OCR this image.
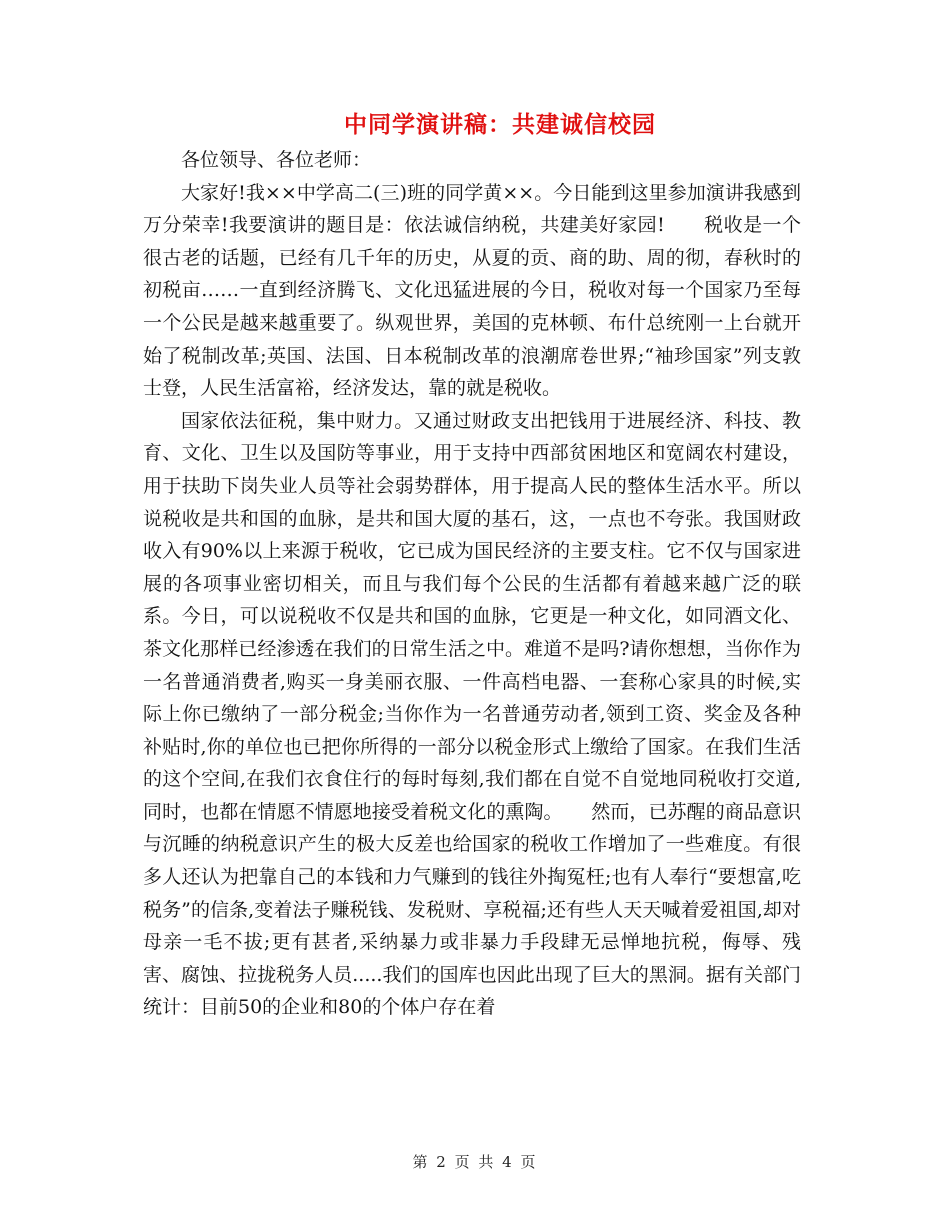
中同学演讲稿：共建诚信校园

各位领导、各位老师：

大家好!我××中学高二(三)班的同学黄××。今日能到这里参加演讲我感到万分荣幸!我要演讲的题目是：依法诚信纳税，共建美好家园!　　税收是一个很古老的话题，已经有几千年的历史，从夏的贡、商的助、周的彻，春秋时的初税亩……一直到经济腾飞、文化迅猛进展的今日，税收对每一个国家乃至每一个公民是越来越重要了。纵观世界，美国的克林顿、布什总统刚一上台就开始了税制改革;英国、法国、日本税制改革的浪潮席卷世界;“袖珍国家”列支敦士登，人民生活富裕，经济发达，靠的就是税收。

国家依法征税，集中财力。又通过财政支出把钱用于进展经济、科技、教育、文化、卫生以及国防等事业，用于支持中西部贫困地区和宽阔农村建设，用于扶助下岗失业人员等社会弱势群体，用于提高人民的整体生活水平。所以说税收是共和国的血脉，是共和国大厦的基石，这，一点也不夸张。我国财政收入有90%以上来源于税收，它已成为国民经济的主要支柱。它不仅与国家进展的各项事业密切相关，而且与我们每个公民的生活都有着越来越广泛的联系。今日，可以说税收不仅是共和国的血脉，它更是一种文化，如同酒文化、茶文化那样已经渗透在我们的日常生活之中。难道不是吗?请你想想，当你作为一名普通消费者,购买一身美丽衣服、一件高档电器、一套称心家具的时候,实际上你已缴纳了一部分税金;当你作为一名普通劳动者,领到工资、奖金及各种补贴时,你的单位也已把你所得的一部分以税金形式上缴给了国家。在我们生活的这个空间,在我们衣食住行的每时每刻,我们都在自觉不自觉地同税收打交道,同时，也都在情愿不情愿地接受着税文化的熏陶。　　然而，已苏醒的商品意识与沉睡的纳税意识产生的极大反差也给国家的税收工作增加了一些难度。有很多人还认为把靠自己的本钱和力气赚到的钱往外掏冤枉;也有人奉行“要想富,吃税务”的信条,变着法子赚税钱、发税财、享税福;还有些人天天喊着爱祖国,却对母亲一毛不拔;更有甚者,采纳暴力或非暴力手段肆无忌惮地抗税，侮辱、残害、腐蚀、拉拢税务人员.....我们的国库也因此出现了巨大的黑洞。据有关部门统计：目前50的企业和80的个体户存在着

第 2 页 共 4 页
